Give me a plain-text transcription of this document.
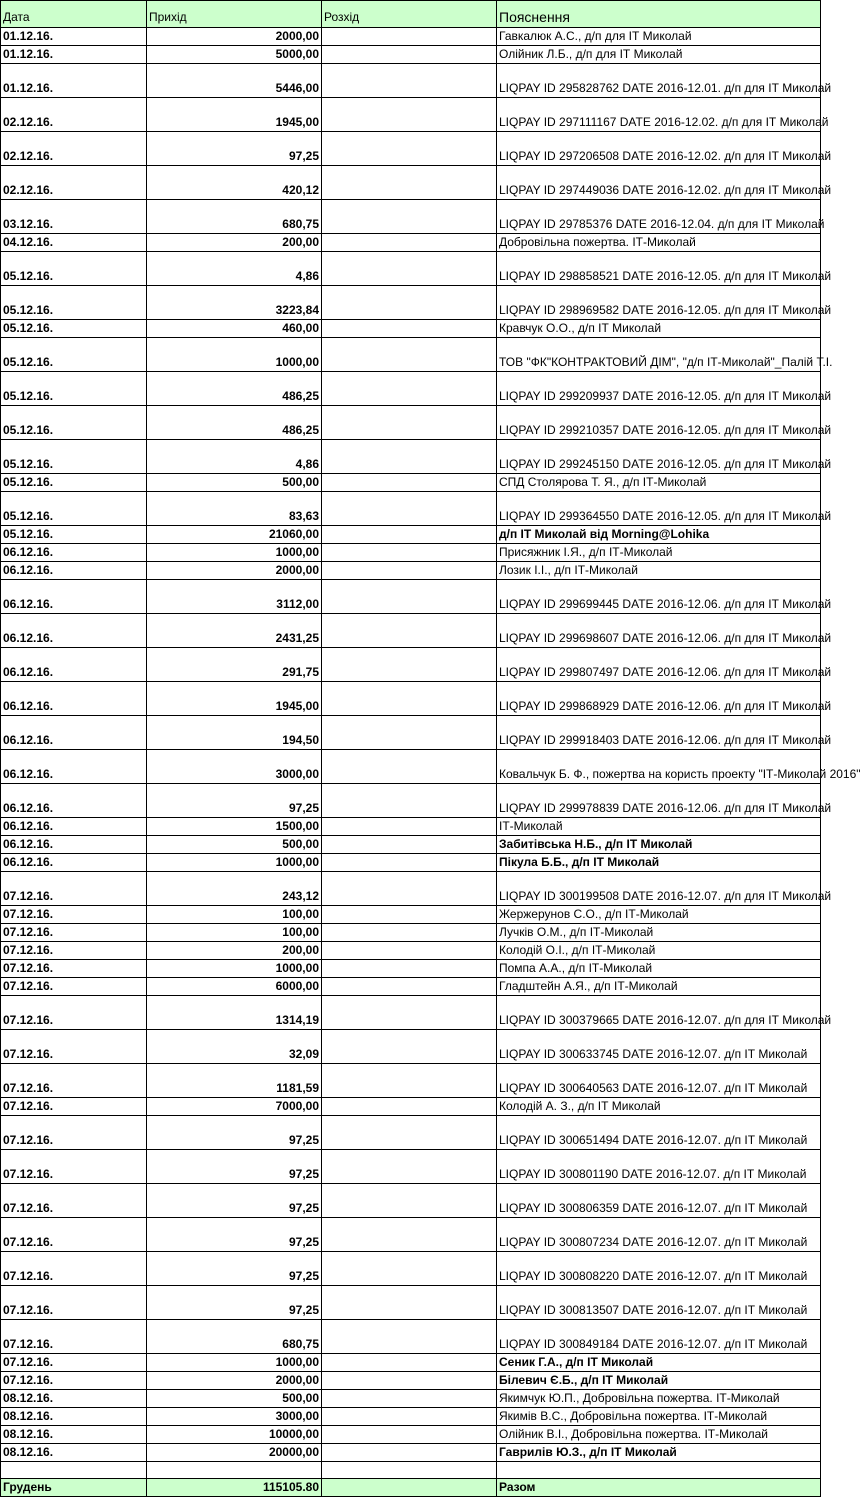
Дата	Прихід	Розхід	Пояснення
01.12.16.	2000,00		Гавкалюк А.С., д/п для ІТ Миколай
01.12.16.	5000,00		Олійник Л.Б., д/п для ІТ Миколай
01.12.16.	5446,00		LIQPAY ID 295828762 DATE 2016-12.01. д/п для ІТ Миколай
02.12.16.	1945,00		LIQPAY ID 297111167 DATE 2016-12.02. д/п для ІТ Миколай
02.12.16.	97,25		LIQPAY ID 297206508 DATE 2016-12.02. д/п для ІТ Миколай
02.12.16.	420,12		LIQPAY ID 297449036 DATE 2016-12.02. д/п для ІТ Миколай
03.12.16.	680,75		LIQPAY ID 29785376 DATE 2016-12.04. д/п для ІТ Миколай
04.12.16.	200,00		Добровільна пожертва. ІТ-Миколай
05.12.16.	4,86		LIQPAY ID 298858521 DATE 2016-12.05. д/п для ІТ Миколай
05.12.16.	3223,84		LIQPAY ID 298969582 DATE 2016-12.05. д/п для ІТ Миколай
05.12.16.	460,00		Кравчук О.О., д/п ІТ Миколай
05.12.16.	1000,00		ТОВ "ФК"КОНТРАКТОВИЙ ДІМ", "д/п ІТ-Миколай"_Палій Т.І.
05.12.16.	486,25		LIQPAY ID 299209937 DATE 2016-12.05. д/п для ІТ Миколай
05.12.16.	486,25		LIQPAY ID 299210357 DATE 2016-12.05. д/п для ІТ Миколай
05.12.16.	4,86		LIQPAY ID 299245150 DATE 2016-12.05. д/п для ІТ Миколай
05.12.16.	500,00		СПД Столярова Т. Я., д/п ІТ-Миколай
05.12.16.	83,63		LIQPAY ID 299364550 DATE 2016-12.05. д/п для ІТ Миколай
05.12.16.	21060,00		д/п ІТ Миколай від Morning@Lohika
06.12.16.	1000,00		Присяжник І.Я., д/п ІТ-Миколай
06.12.16.	2000,00		Лозик І.І., д/п ІТ-Миколай
06.12.16.	3112,00		LIQPAY ID 299699445 DATE 2016-12.06. д/п для ІТ Миколай
06.12.16.	2431,25		LIQPAY ID 299698607 DATE 2016-12.06. д/п для ІТ Миколай
06.12.16.	291,75		LIQPAY ID 299807497 DATE 2016-12.06. д/п для ІТ Миколай
06.12.16.	1945,00		LIQPAY ID 299868929 DATE 2016-12.06. д/п для ІТ Миколай
06.12.16.	194,50		LIQPAY ID 299918403 DATE 2016-12.06. д/п для ІТ Миколай
06.12.16.	3000,00		Ковальчук Б. Ф., пожертва на користь проекту "ІТ-Миколай 2016"
06.12.16.	97,25		LIQPAY ID 299978839 DATE 2016-12.06. д/п для ІТ Миколай
06.12.16.	1500,00		ІТ-Миколай
06.12.16.	500,00		Забитівська Н.Б., д/п ІТ Миколай
06.12.16.	1000,00		Пікула Б.Б., д/п ІТ Миколай
07.12.16.	243,12		LIQPAY ID 300199508 DATE 2016-12.07. д/п для ІТ Миколай
07.12.16.	100,00		Жержерунов С.О., д/п ІТ-Миколай
07.12.16.	100,00		Лучків О.М., д/п ІТ-Миколай
07.12.16.	200,00		Колодій О.І., д/п ІТ-Миколай
07.12.16.	1000,00		Помпа А.А., д/п ІТ-Миколай
07.12.16.	6000,00		Гладштейн А.Я., д/п ІТ-Миколай
07.12.16.	1314,19		LIQPAY ID 300379665 DATE 2016-12.07. д/п для ІТ Миколай
07.12.16.	32,09		LIQPAY ID 300633745 DATE 2016-12.07. д/п ІТ Миколай
07.12.16.	1181,59		LIQPAY ID 300640563 DATE 2016-12.07. д/п ІТ Миколай
07.12.16.	7000,00		Колодій А. З., д/п ІТ Миколай
07.12.16.	97,25		LIQPAY ID 300651494 DATE 2016-12.07. д/п ІТ Миколай
07.12.16.	97,25		LIQPAY ID 300801190 DATE 2016-12.07. д/п ІТ Миколай
07.12.16.	97,25		LIQPAY ID 300806359 DATE 2016-12.07. д/п ІТ Миколай
07.12.16.	97,25		LIQPAY ID 300807234 DATE 2016-12.07. д/п ІТ Миколай
07.12.16.	97,25		LIQPAY ID 300808220 DATE 2016-12.07. д/п ІТ Миколай
07.12.16.	97,25		LIQPAY ID 300813507 DATE 2016-12.07. д/п ІТ Миколай
07.12.16.	680,75		LIQPAY ID 300849184 DATE 2016-12.07. д/п ІТ Миколай
07.12.16.	1000,00		Сеник Г.А., д/п ІТ Миколай
07.12.16.	2000,00		Білевич Є.Б., д/п ІТ Миколай
08.12.16.	500,00		Якимчук Ю.П., Добровільна пожертва. ІТ-Миколай
08.12.16.	3000,00		Якимів В.С., Добровільна пожертва. ІТ-Миколай
08.12.16.	10000,00		Олійник В.І., Добровільна пожертва. ІТ-Миколай
08.12.16.	20000,00		Гаврилів Ю.З., д/п ІТ Миколай

Грудень	115105.80		Разом
